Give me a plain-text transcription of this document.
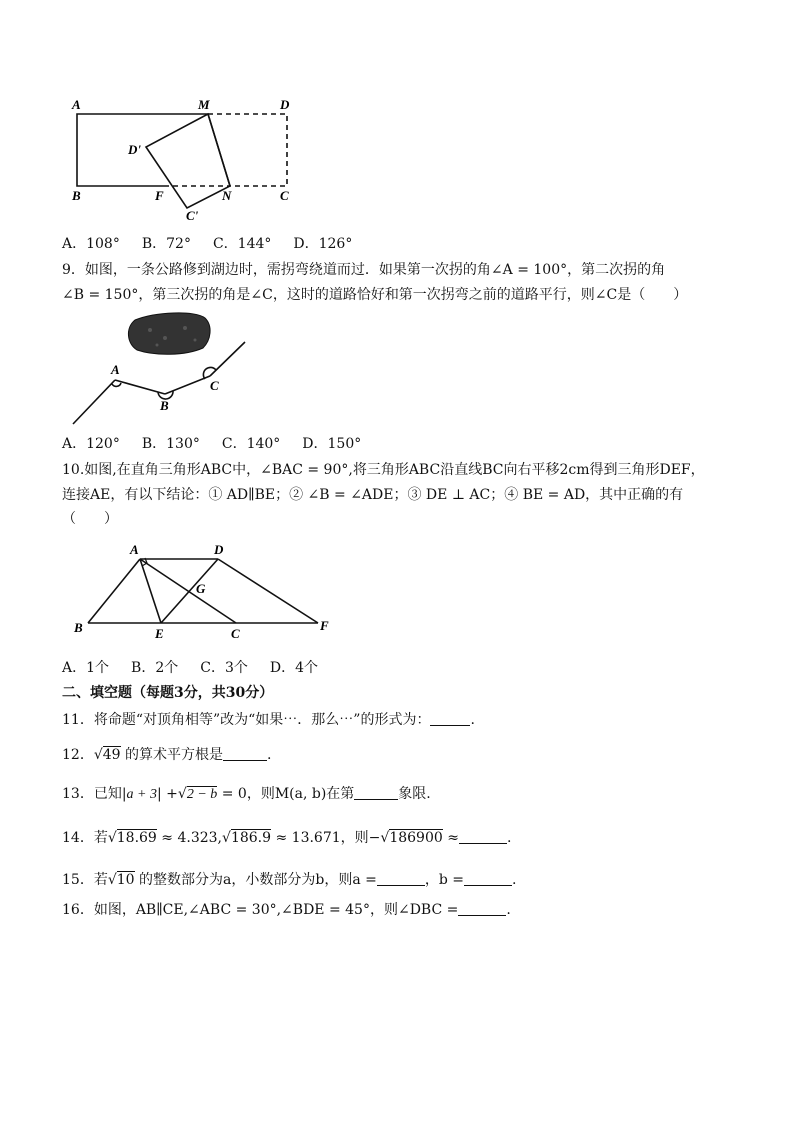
A	M	D
D'
B	F	N	C
C'
A．108° B．72° C．144° D．126°
9．如图，一条公路修到湖边时，需拐弯绕道而过．如果第一次拐的角∠A = 100°，第二次拐的角
∠B = 150°，第三次拐的角是∠C，这时的道路恰好和第一次拐弯之前的道路平行，则∠C是（　　）
A
B
C
A．120° B．130° C．140° D．150°
10.如图,在直角三角形ABC中，∠BAC = 90°,将三角形ABC沿直线BC向右平移2cm得到三角形DEF，
连接AE，有以下结论：① AD∥BE；② ∠B = ∠ADE；③ DE ⊥ AC；④ BE = AD，其中正确的有
（　　）
A	D
G
B	E	C
F
A．1个 B．2个 C．3个 D．4个
二、填空题（每题3分，共30分）
11．将命题“对顶角相等”改为“如果⋯．那么⋯”的形式为：	.
12．√49 的算术平方根是	.
13．已知|a + 3| +√2 − b = 0，则M(a, b)在第	象限.
14．若√18.69 ≈ 4.323,√186.9 ≈ 13.671，则−√186900 ≈	.
15．若√10 的整数部分为a，小数部分为b，则a =	，b =	.
16．如图，AB∥CE,∠ABC = 30°,∠BDE = 45°，则∠DBC =	.
